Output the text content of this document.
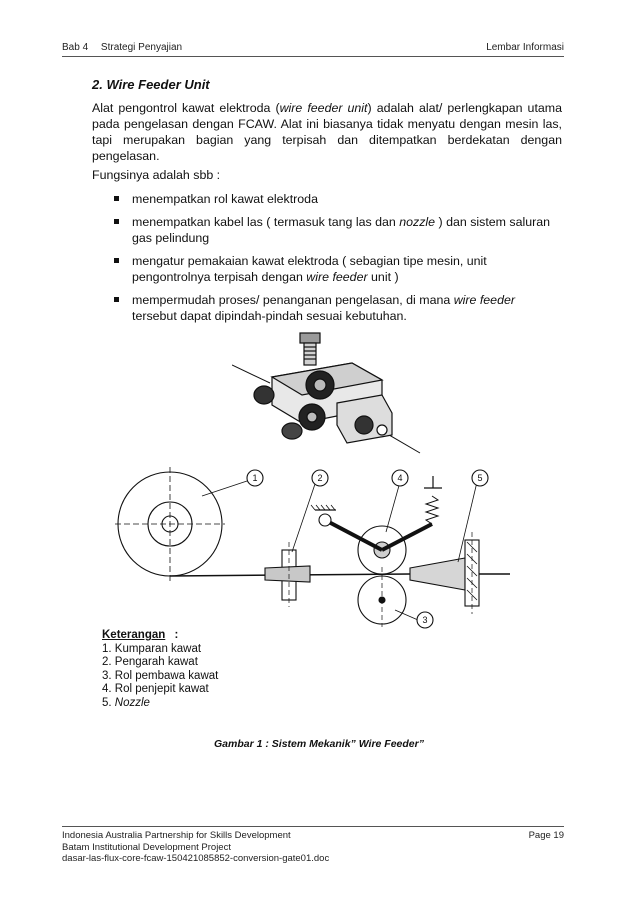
Bab 4 Strategi Penyajian	Lembar Informasi
2. Wire Feeder Unit
Alat pengontrol kawat elektroda (wire feeder unit) adalah alat/ perlengkapan utama pada pengelasan dengan FCAW. Alat ini biasanya tidak menyatu dengan mesin las, tapi merupakan bagian yang terpisah dan ditempatkan berdekatan dengan pengelasan.
Fungsinya adalah sbb :
menempatkan rol kawat elektroda
menempatkan kabel las ( termasuk tang las dan nozzle ) dan sistem saluran gas pelindung
mengatur pemakaian kawat elektroda ( sebagian tipe mesin, unit pengontrolnya terpisah dengan wire feeder unit )
mempermudah proses/ penanganan pengelasan, di mana wire feeder tersebut dapat dipindah-pindah sesuai kebutuhan.
1	2
3
4	5
Keterangan :
1. Kumparan kawat
2. Pengarah kawat
3. Rol pembawa kawat
4. Rol penjepit kawat
5. Nozzle
Gambar 1 : Sistem Mekanik” Wire Feeder”
Indonesia Australia Partnership for Skills Development	Page 19
Batam Institutional Development Project
dasar-las-flux-core-fcaw-150421085852-conversion-gate01.doc
